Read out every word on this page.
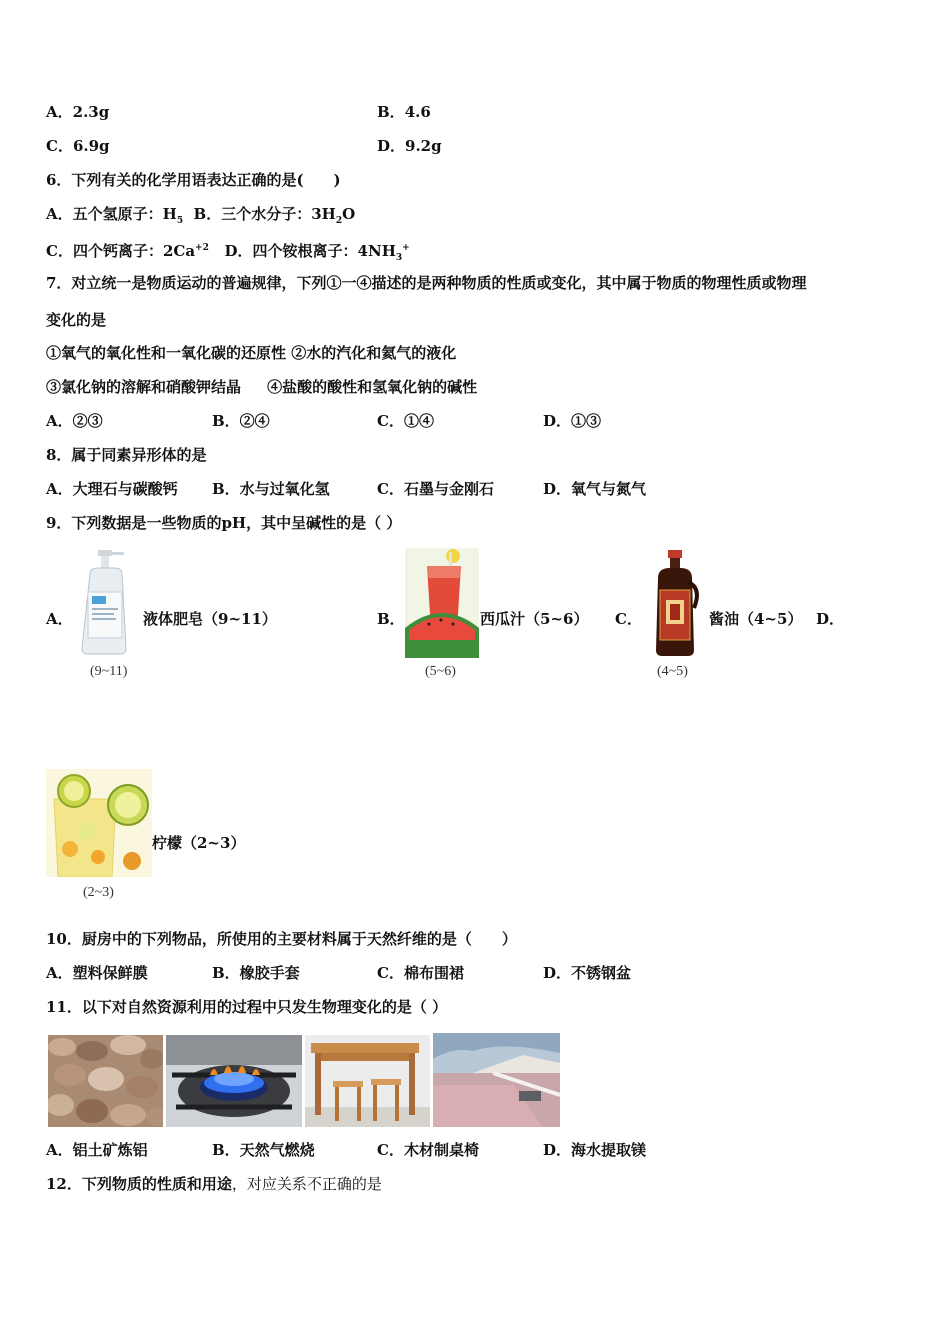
A．2.3g	B．4.6
C．6.9g	D．9.2g
6．下列有关的化学用语表达正确的是(　　)
A．五个氢原子：$H_5$ B．三个水分子：$3H_2O$
C．四个钙离子：$2Ca^{+2}$ D．四个铵根离子：$4NH_3^+$
7．对立统一是物质运动的普遍规律，下列①一④描述的是两种物质的性质或变化，其中属于物质的物理性质或物理
变化的是
①氧气的氧化性和一氧化碳的还原性 ②水的汽化和氦气的液化
③氯化钠的溶解和硝酸钾结晶 ④盐酸的酸性和氢氧化钠的碱性
A．②③	B．②④	C．①④	D．①③
8．属于同素异形体的是
A．大理石与碳酸钙 B．水与过氧化氢	C．石墨与金刚石	D．氧气与氮气
9．下列数据是一些物质的pH，其中呈碱性的是（ ）
A．	液体肥皂（9~11）
(9~11)
B．	西瓜汁（5~6）
(5~6)
C．	酱油（4~5）
(4~5)
D．
柠檬（2~3）
(2~3)
10．厨房中的下列物品，所使用的主要材料属于天然纤维的是（　　）
A．塑料保鲜膜	B．橡胶手套	C．棉布围裙	D．不锈钢盆
11．以下对自然资源利用的过程中只发生物理变化的是（ ）
A．铝土矿炼铝	B．天然气燃烧	C．木材制桌椅	D．海水提取镁
12．下列物质的性质和用途，对应关系不正确的是
